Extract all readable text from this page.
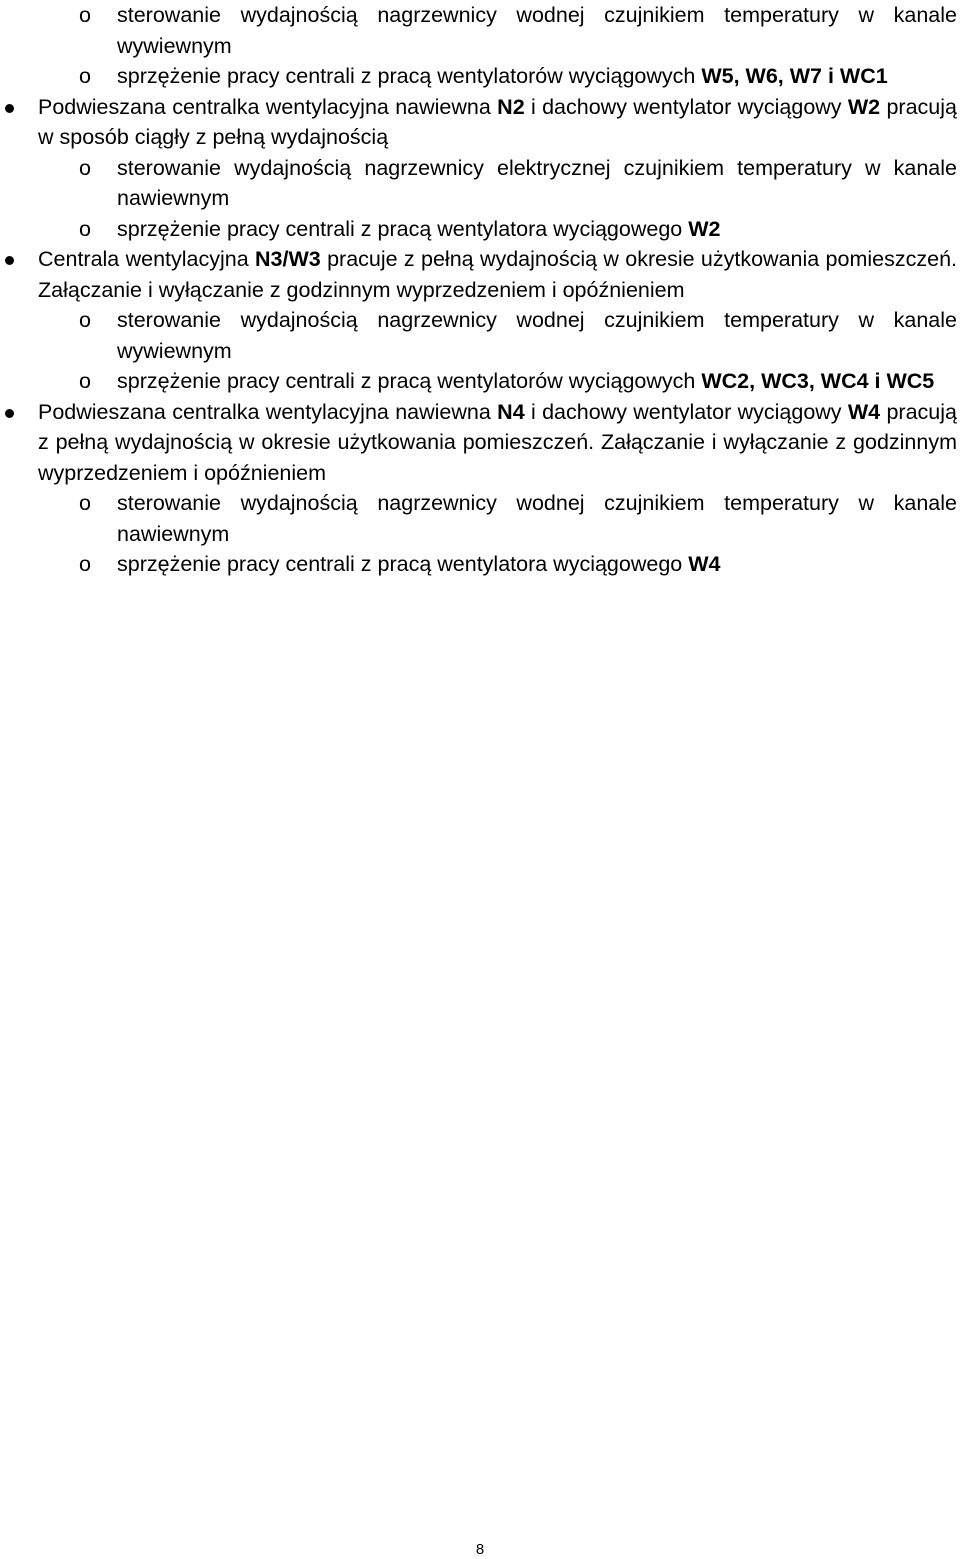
o sterowanie wydajnością nagrzewnicy wodnej czujnikiem temperatury w kanale wywiewnym
o sprzężenie pracy centrali z pracą wentylatorów wyciągowych W5, W6, W7 i WC1
Podwieszana centralka wentylacyjna nawiewna N2 i dachowy wentylator wyciągowy W2 pracują w sposób ciągły z pełną wydajnością
o sterowanie wydajnością nagrzewnicy elektrycznej czujnikiem temperatury w kanale nawiewnym
o sprzężenie pracy centrali z pracą wentylatora wyciągowego W2
Centrala wentylacyjna N3/W3 pracuje z pełną wydajnością w okresie użytkowania pomieszczeń. Załączanie i wyłączanie z godzinnym wyprzedzeniem i opóźnieniem
o sterowanie wydajnością nagrzewnicy wodnej czujnikiem temperatury w kanale wywiewnym
o sprzężenie pracy centrali z pracą wentylatorów wyciągowych WC2, WC3, WC4 i WC5
Podwieszana centralka wentylacyjna nawiewna N4 i dachowy wentylator wyciągowy W4 pracują z pełną wydajnością w okresie użytkowania pomieszczeń. Załączanie i wyłączanie z godzinnym wyprzedzeniem i opóźnieniem
o sterowanie wydajnością nagrzewnicy wodnej czujnikiem temperatury w kanale nawiewnym
o sprzężenie pracy centrali z pracą wentylatora wyciągowego W4
8
